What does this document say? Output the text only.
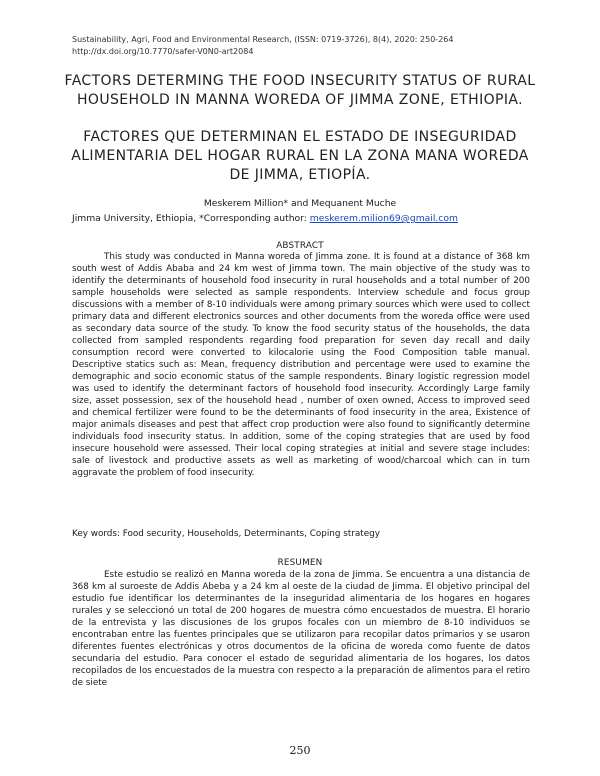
Sustainability, Agri, Food and Environmental Research, (ISSN: 0719-3726), 8(4), 2020: 250-264
http://dx.doi.org/10.7770/safer-V0N0-art2084
FACTORS DETERMING THE FOOD INSECURITY STATUS OF RURAL HOUSEHOLD IN MANNA WOREDA OF JIMMA ZONE, ETHIOPIA.
FACTORES QUE DETERMINAN EL ESTADO DE INSEGURIDAD ALIMENTARIA DEL HOGAR RURAL EN LA ZONA MANA WOREDA DE JIMMA, ETIOPÍA.
Meskerem Million* and Mequanent Muche
Jimma University, Ethiopia, *Corresponding author: meskerem.milion69@gmail.com
ABSTRACT
This study was conducted in Manna woreda of Jimma zone. It is found at a distance of 368 km south west of Addis Ababa and 24 km west of Jimma town. The main objective of the study was to identify the determinants of household food insecurity in rural households and a total number of 200 sample households were selected as sample respondents. Interview schedule and focus group discussions with a member of 8-10 individuals were among primary sources which were used to collect primary data and different electronics sources and other documents from the woreda office were used as secondary data source of the study. To know the food security status of the households, the data collected from sampled respondents regarding food preparation for seven day recall and daily consumption record were converted to kilocalorie using the Food Composition table manual. Descriptive statics such as: Mean, frequency distribution and percentage were used to examine the demographic and socio economic status of the sample respondents. Binary logistic regression model was used to identify the determinant factors of household food insecurity. Accordingly Large family size, asset possession, sex of the household head , number of oxen owned, Access to improved seed and chemical fertilizer were found to be the determinants of food insecurity in the area, Existence of major animals diseases and pest that affect crop production were also found to significantly determine individuals food insecurity status. In addition, some of the coping strategies that are used by food insecure household were assessed. Their local coping strategies at initial and severe stage includes: sale of livestock and productive assets as well as marketing of wood/charcoal which can in turn aggravate the problem of food insecurity.
Key words: Food security, Households, Determinants, Coping strategy
RESUMEN
Este estudio se realizó en Manna woreda de la zona de Jimma. Se encuentra a una distancia de 368 km al suroeste de Addis Abeba y a 24 km al oeste de la ciudad de Jimma. El objetivo principal del estudio fue identificar los determinantes de la inseguridad alimentaria de los hogares en hogares rurales y se seleccionó un total de 200 hogares de muestra cómo encuestados de muestra. El horario de la entrevista y las discusiones de los grupos focales con un miembro de 8-10 individuos se encontraban entre las fuentes principales que se utilizaron para recopilar datos primarios y se usaron diferentes fuentes electrónicas y otros documentos de la oficina de woreda como fuente de datos secundaria del estudio. Para conocer el estado de seguridad alimentaria de los hogares, los datos recopilados de los encuestados de la muestra con respecto a la preparación de alimentos para el retiro de siete
250
